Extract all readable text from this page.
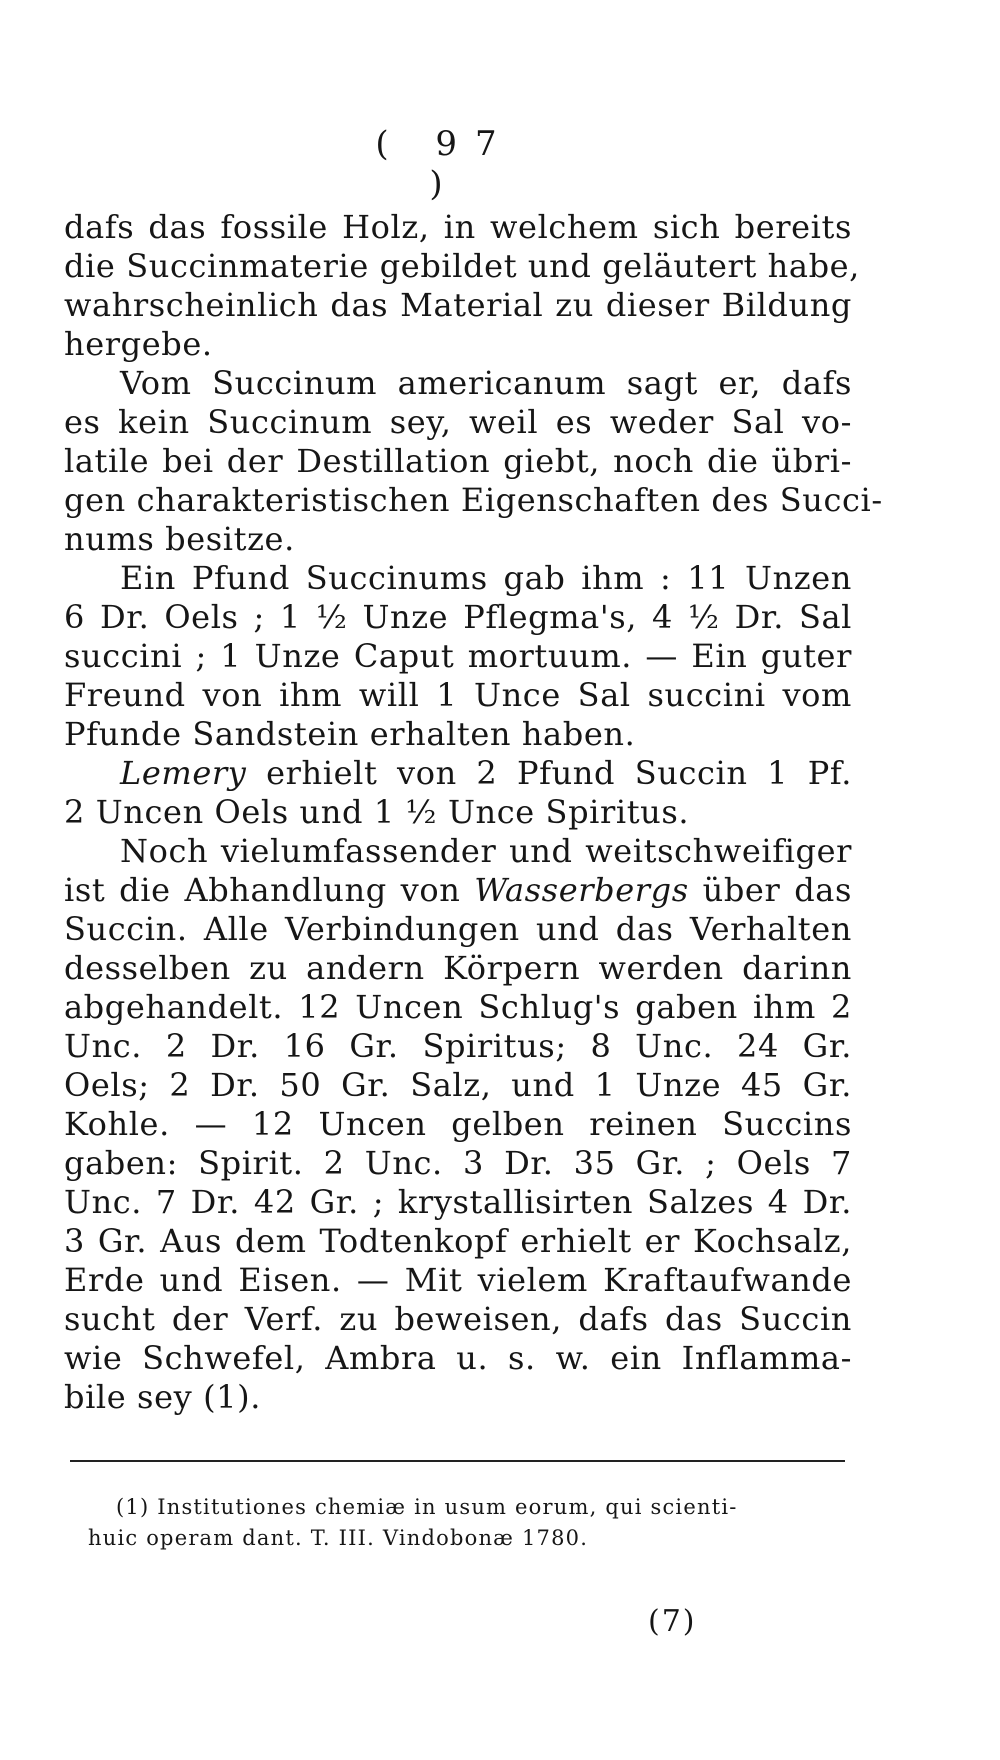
( 97 )
dafs das fossile Holz, in welchem sich bereits
die Succinmaterie gebildet und geläutert habe,
wahrscheinlich das Material zu dieser Bildung
hergebe.
Vom Succinum americanum sagt er, dafs
es kein Succinum sey, weil es weder Sal vo-
latile bei der Destillation giebt, noch die übri-
gen charakteristischen Eigenschaften des Succi-
nums besitze.
Ein Pfund Succinums gab ihm : 11 Unzen
6 Dr. Oels ; 1 ½ Unze Pflegma's, 4 ½ Dr. Sal
succini ; 1 Unze Caput mortuum. — Ein guter
Freund von ihm will 1 Unce Sal succini vom
Pfunde Sandstein erhalten haben.
Lemery erhielt von 2 Pfund Succin 1 Pf.
2 Uncen Oels und 1 ½ Unce Spiritus.
Noch vielumfassender und weitschweifiger
ist die Abhandlung von Wasserbergs über das
Succin. Alle Verbindungen und das Verhalten
desselben zu andern Körpern werden darinn
abgehandelt. 12 Uncen Schlug's gaben ihm 2
Unc. 2 Dr. 16 Gr. Spiritus; 8 Unc. 24 Gr.
Oels; 2 Dr. 50 Gr. Salz, und 1 Unze 45 Gr.
Kohle. — 12 Uncen gelben reinen Succins
gaben: Spirit. 2 Unc. 3 Dr. 35 Gr. ; Oels 7
Unc. 7 Dr. 42 Gr. ; krystallisirten Salzes 4 Dr.
3 Gr. Aus dem Todtenkopf erhielt er Kochsalz,
Erde und Eisen. — Mit vielem Kraftaufwande
sucht der Verf. zu beweisen, dafs das Succin
wie Schwefel, Ambra u. s. w. ein Inflamma-
bile sey (1).
(1) Institutiones chemiæ in usum eorum, qui scienti-
huic operam dant. T. III. Vindobonæ 1780.
(7)
